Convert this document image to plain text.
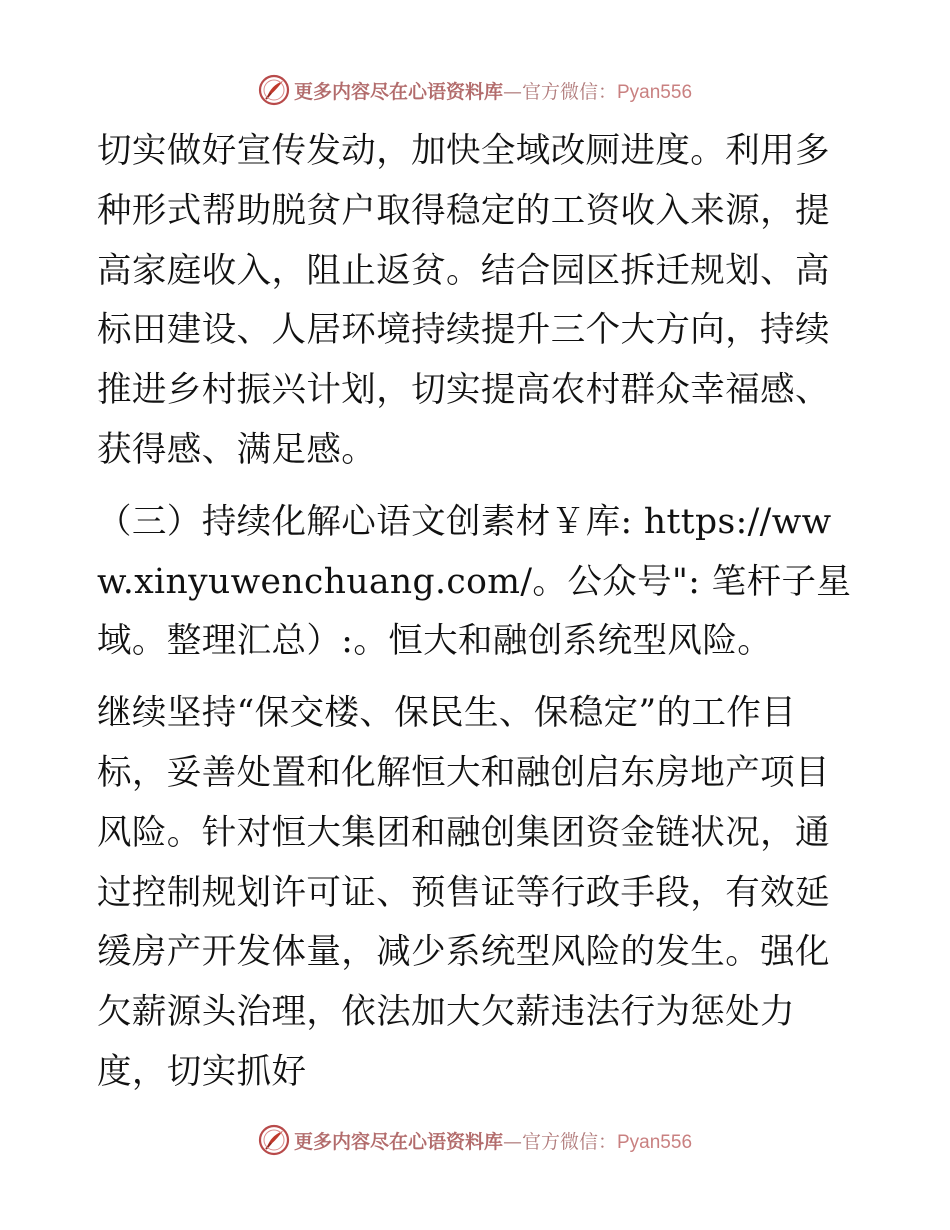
更多内容尽在心语资料库—官方微信：Pyan556

切实做好宣传发动，加快全域改厕进度。利用多种形式帮助脱贫户取得稳定的工资收入来源，提高家庭收入，阻止返贫。结合园区拆迁规划、高标田建设、人居环境持续提升三个大方向，持续推进乡村振兴计划，切实提高农村群众幸福感、获得感、满足感。

（三）持续化解心语文创素材￥库: https://www.xinyuwenchuang.com/。公众号": 笔杆子星域。整理汇总）:。恒大和融创系统型风险。

继续坚持“保交楼、保民生、保稳定”的工作目标，妥善处置和化解恒大和融创启东房地产项目风险。针对恒大集团和融创集团资金链状况，通过控制规划许可证、预售证等行政手段，有效延缓房产开发体量，减少系统型风险的发生。强化欠薪源头治理，依法加大欠薪违法行为惩处力度，切实抓好

更多内容尽在心语资料库—官方微信：Pyan556
